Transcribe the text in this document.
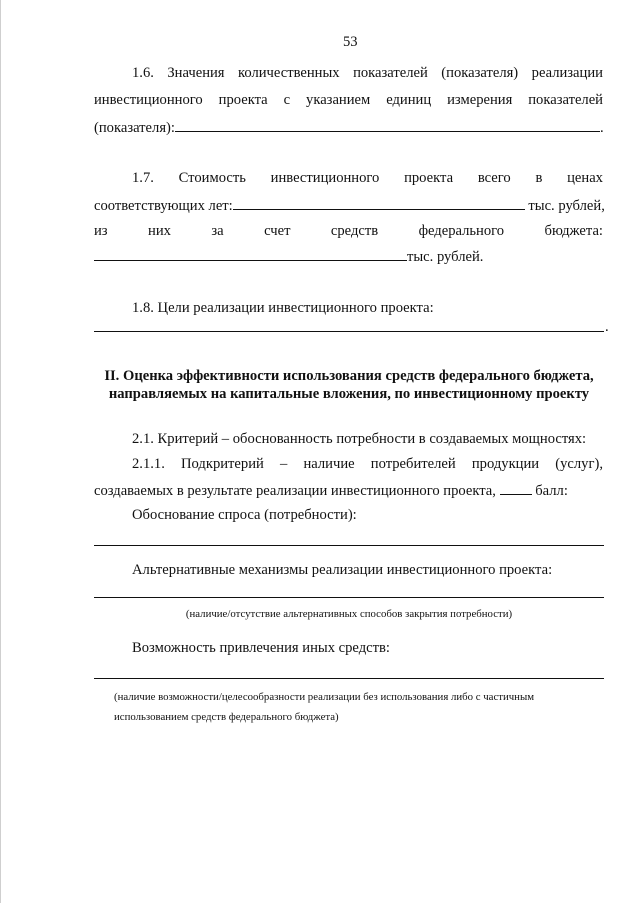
53
1.6. Значения количественных показателей (показателя) реализации
инвестиционного проекта с указанием единиц измерения показателей
(показателя):	.
1.7. Стоимость инвестиционного проекта всего в ценах
соответствующих лет:	тыс. рублей,
из	них	за	счет	средств	федерального	бюджета:
тыс. рублей.
1.8. Цели реализации инвестиционного проекта:
.
II. Оценка эффективности использования средств федерального бюджета,
направляемых на капитальные вложения, по инвестиционному проекту
2.1. Критерий – обоснованность потребности в создаваемых мощностях:
2.1.1. Подкритерий – наличие потребителей продукции (услуг),
создаваемых в результате реализации инвестиционного проекта,	балл:
Обоснование спроса (потребности):
Альтернативные механизмы реализации инвестиционного проекта:
(наличие/отсутствие альтернативных способов закрытия потребности)
Возможность привлечения иных средств:
(наличие возможности/целесообразности реализации без использования либо с частичным
использованием средств федерального бюджета)
